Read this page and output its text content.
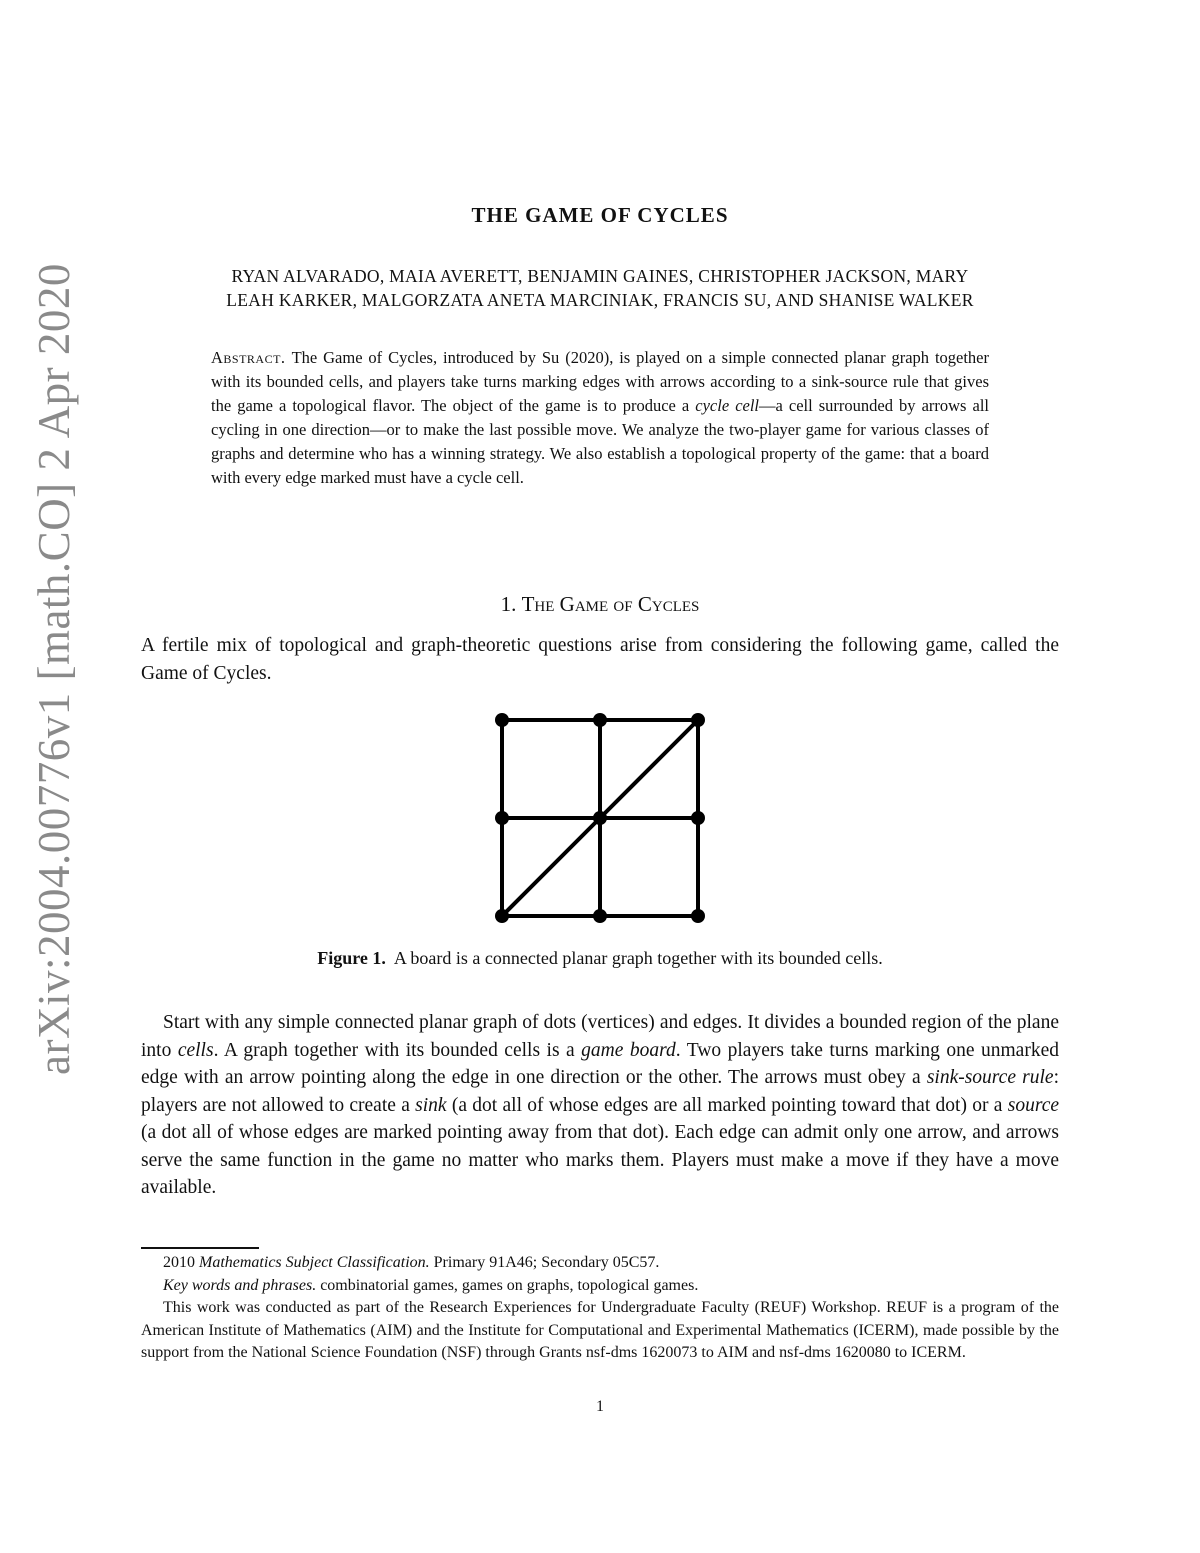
arXiv:2004.00776v1 [math.CO] 2 Apr 2020
THE GAME OF CYCLES
RYAN ALVARADO, MAIA AVERETT, BENJAMIN GAINES, CHRISTOPHER JACKSON, MARY
LEAH KARKER, MALGORZATA ANETA MARCINIAK, FRANCIS SU, AND SHANISE WALKER
Abstract. The Game of Cycles, introduced by Su (2020), is played on a simple connected planar graph together with its bounded cells, and players take turns marking edges with arrows according to a sink-source rule that gives the game a topological flavor. The object of the game is to produce a cycle cell—a cell surrounded by arrows all cycling in one direction—or to make the last possible move. We analyze the two-player game for various classes of graphs and determine who has a winning strategy. We also establish a topological property of the game: that a board with every edge marked must have a cycle cell.
1. The Game of Cycles
A fertile mix of topological and graph-theoretic questions arise from considering the following game, called the Game of Cycles.
Figure 1. A board is a connected planar graph together with its bounded cells.
Start with any simple connected planar graph of dots (vertices) and edges. It divides a bounded region of the plane into cells. A graph together with its bounded cells is a game board. Two players take turns marking one unmarked edge with an arrow pointing along the edge in one direction or the other. The arrows must obey a sink-source rule: players are not allowed to create a sink (a dot all of whose edges are all marked pointing toward that dot) or a source (a dot all of whose edges are marked pointing away from that dot). Each edge can admit only one arrow, and arrows serve the same function in the game no matter who marks them. Players must make a move if they have a move available.

2010 Mathematics Subject Classification. Primary 91A46; Secondary 05C57.

Key words and phrases. combinatorial games, games on graphs, topological games.

This work was conducted as part of the Research Experiences for Undergraduate Faculty (REUF) Workshop. REUF is a program of the American Institute of Mathematics (AIM) and the Institute for Computational and Experimental Mathematics (ICERM), made possible by the support from the National Science Foundation (NSF) through Grants nsf-dms 1620073 to AIM and nsf-dms 1620080 to ICERM.

1
